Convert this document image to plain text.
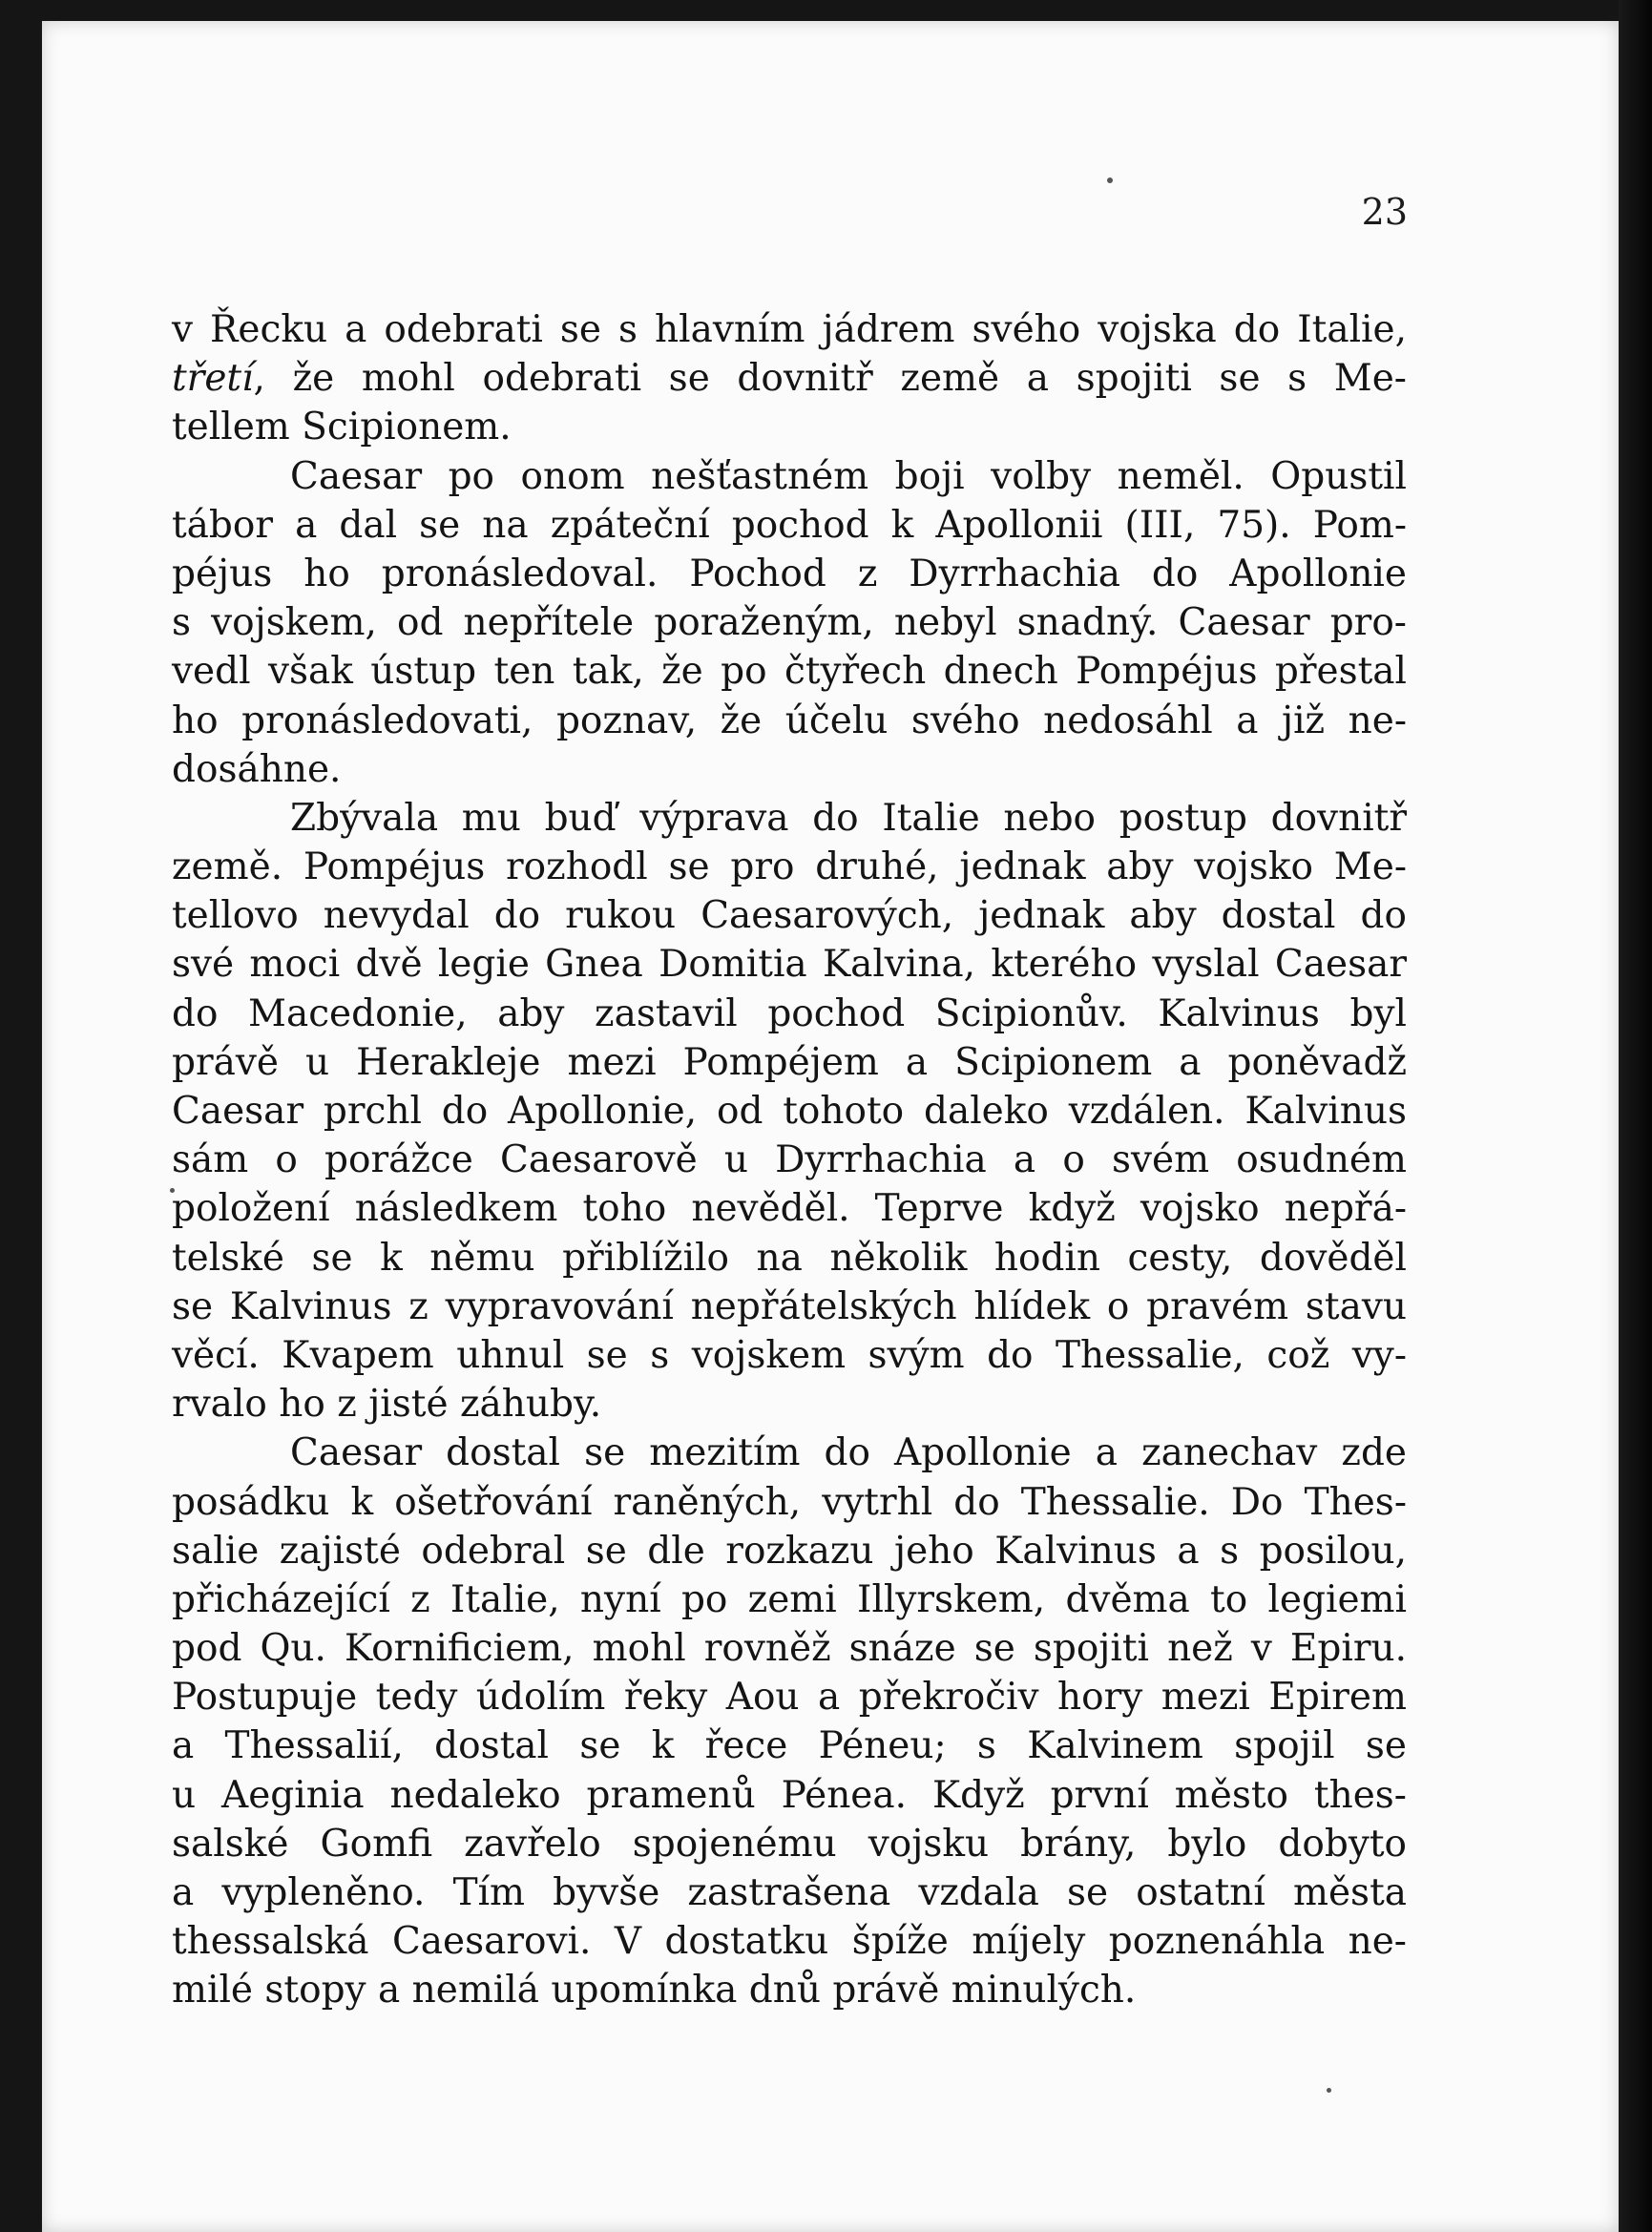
23
v Řecku a odebrati se s hlavním jádrem svého vojska do Italie,
třetí, že mohl odebrati se dovnitř země a spojiti se s Me-
tellem Scipionem.
Caesar po onom nešťastném boji volby neměl. Opustil
tábor a dal se na zpáteční pochod k Apollonii (III, 75). Pom-
péjus ho pronásledoval. Pochod z Dyrrhachia do Apollonie
s vojskem, od nepřítele poraženým, nebyl snadný. Caesar pro-
vedl však ústup ten tak, že po čtyřech dnech Pompéjus přestal
ho pronásledovati, poznav, že účelu svého nedosáhl a již ne-
dosáhne.
Zbývala mu buď výprava do Italie nebo postup dovnitř
země. Pompéjus rozhodl se pro druhé, jednak aby vojsko Me-
tellovo nevydal do rukou Caesarových, jednak aby dostal do
své moci dvě legie Gnea Domitia Kalvina, kterého vyslal Caesar
do Macedonie, aby zastavil pochod Scipionův. Kalvinus byl
právě u Herakleje mezi Pompéjem a Scipionem a poněvadž
Caesar prchl do Apollonie, od tohoto daleko vzdálen. Kalvinus
sám o porážce Caesarově u Dyrrhachia a o svém osudném
položení následkem toho nevěděl. Teprve když vojsko nepřá-
telské se k němu přiblížilo na několik hodin cesty, dověděl
se Kalvinus z vypravování nepřátelských hlídek o pravém stavu
věcí. Kvapem uhnul se s vojskem svým do Thessalie, což vy-
rvalo ho z jisté záhuby.
Caesar dostal se mezitím do Apollonie a zanechav zde
posádku k ošetřování raněných, vytrhl do Thessalie. Do Thes-
salie zajisté odebral se dle rozkazu jeho Kalvinus a s posilou,
přicházející z Italie, nyní po zemi Illyrskem, dvěma to legiemi
pod Qu. Kornificiem, mohl rovněž snáze se spojiti než v Epiru.
Postupuje tedy údolím řeky Aou a překročiv hory mezi Epirem
a Thessalií, dostal se k řece Péneu; s Kalvinem spojil se
u Aeginia nedaleko pramenů Pénea. Když první město thes-
salské Gomfi zavřelo spojenému vojsku brány, bylo dobyto
a vypleněno. Tím byvše zastrašena vzdala se ostatní města
thessalská Caesarovi. V dostatku špíže míjely poznenáhla ne-
milé stopy a nemilá upomínka dnů právě minulých.
